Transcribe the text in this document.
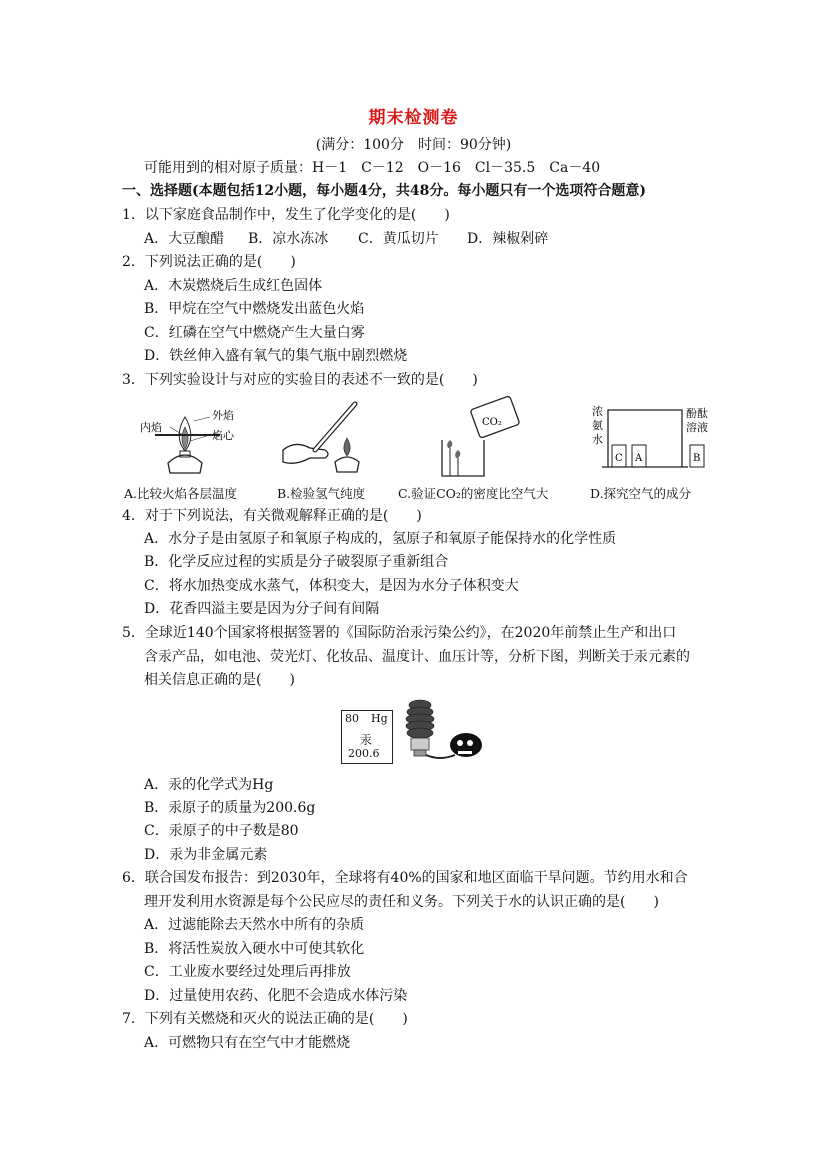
期末检测卷
(满分：100分　时间：90分钟)
可能用到的相对原子质量：H－1　C－12　O－16　Cl－35.5　Ca－40
一、选择题(本题包括12小题，每小题4分，共48分。每小题只有一个选项符合题意)
1．以下家庭食品制作中，发生了化学变化的是(　　)
A．大豆酿醋 B．凉水冻冰 C．黄瓜切片 D．辣椒剁碎
2．下列说法正确的是(　　)
A．木炭燃烧后生成红色固体
B．甲烷在空气中燃烧发出蓝色火焰
C．红磷在空气中燃烧产生大量白雾
D．铁丝伸入盛有氧气的集气瓶中剧烈燃烧
3．下列实验设计与对应的实验目的表述不一致的是(　　)
内焰
外焰
焰心
CO₂
C A	B
浓
氨
水
酚酞
溶液
A.比较火焰各层温度	B.检验氢气纯度	C.验证CO₂的密度比空气大	D.探究空气的成分
4．对于下列说法，有关微观解释正确的是(　　)
A．水分子是由氢原子和氧原子构成的，氢原子和氧原子能保持水的化学性质
B．化学反应过程的实质是分子破裂原子重新组合
C．将水加热变成水蒸气，体积变大，是因为水分子体积变大
D．花香四溢主要是因为分子间有间隔
5．全球近140个国家将根据签署的《国际防治汞污染公约》，在2020年前禁止生产和出口
含汞产品，如电池、荧光灯、化妆品、温度计、血压计等，分析下图，判断关于汞元素的
相关信息正确的是(　　)
80 Hg
汞
200.6
A．汞的化学式为Hg
B．汞原子的质量为200.6g
C．汞原子的中子数是80
D．汞为非金属元素
6．联合国发布报告：到2030年，全球将有40%的国家和地区面临干旱问题。节约用水和合
理开发利用水资源是每个公民应尽的责任和义务。下列关于水的认识正确的是(　　)
A．过滤能除去天然水中所有的杂质
B．将活性炭放入硬水中可使其软化
C．工业废水要经过处理后再排放
D．过量使用农药、化肥不会造成水体污染
7．下列有关燃烧和灭火的说法正确的是(　　)
A．可燃物只有在空气中才能燃烧
